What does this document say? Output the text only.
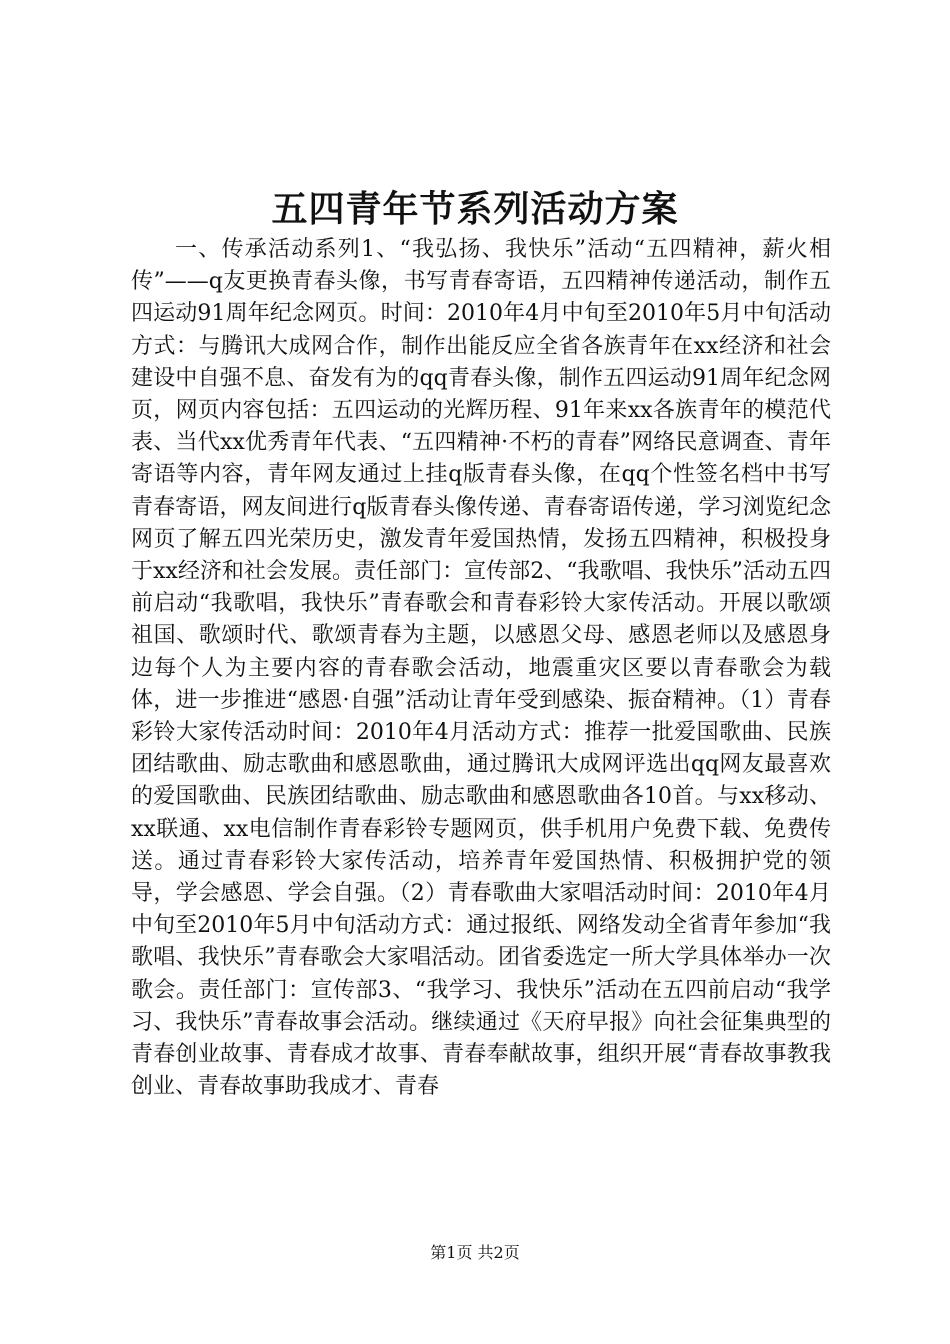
五四青年节系列活动方案
一、传承活动系列1、“我弘扬、我快乐”活动“五四精神，薪火相传”——q友更换青春头像，书写青春寄语，五四精神传递活动，制作五四运动91周年纪念网页。时间：2010年4月中旬至2010年5月中旬活动方式：与腾讯大成网合作，制作出能反应全省各族青年在xx经济和社会建设中自强不息、奋发有为的qq青春头像，制作五四运动91周年纪念网页，网页内容包括：五四运动的光辉历程、91年来xx各族青年的模范代表、当代xx优秀青年代表、“五四精神·不朽的青春”网络民意调查、青年寄语等内容，青年网友通过上挂q版青春头像，在qq个性签名档中书写青春寄语，网友间进行q版青春头像传递、青春寄语传递，学习浏览纪念网页了解五四光荣历史，激发青年爱国热情，发扬五四精神，积极投身于xx经济和社会发展。责任部门：宣传部2、“我歌唱、我快乐”活动五四前启动“我歌唱，我快乐”青春歌会和青春彩铃大家传活动。开展以歌颂祖国、歌颂时代、歌颂青春为主题，以感恩父母、感恩老师以及感恩身边每个人为主要内容的青春歌会活动，地震重灾区要以青春歌会为载体，进一步推进“感恩·自强”活动让青年受到感染、振奋精神。（1）青春彩铃大家传活动时间：2010年4月活动方式：推荐一批爱国歌曲、民族团结歌曲、励志歌曲和感恩歌曲，通过腾讯大成网评选出qq网友最喜欢的爱国歌曲、民族团结歌曲、励志歌曲和感恩歌曲各10首。与xx移动、xx联通、xx电信制作青春彩铃专题网页，供手机用户免费下载、免费传送。通过青春彩铃大家传活动，培养青年爱国热情、积极拥护党的领导，学会感恩、学会自强。（2）青春歌曲大家唱活动时间：2010年4月中旬至2010年5月中旬活动方式：通过报纸、网络发动全省青年参加“我歌唱、我快乐”青春歌会大家唱活动。团省委选定一所大学具体举办一次歌会。责任部门：宣传部3、“我学习、我快乐”活动在五四前启动“我学习、我快乐”青春故事会活动。继续通过《天府早报》向社会征集典型的青春创业故事、青春成才故事、青春奉献故事，组织开展“青春故事教我创业、青春故事助我成才、青春
第1页 共2页
